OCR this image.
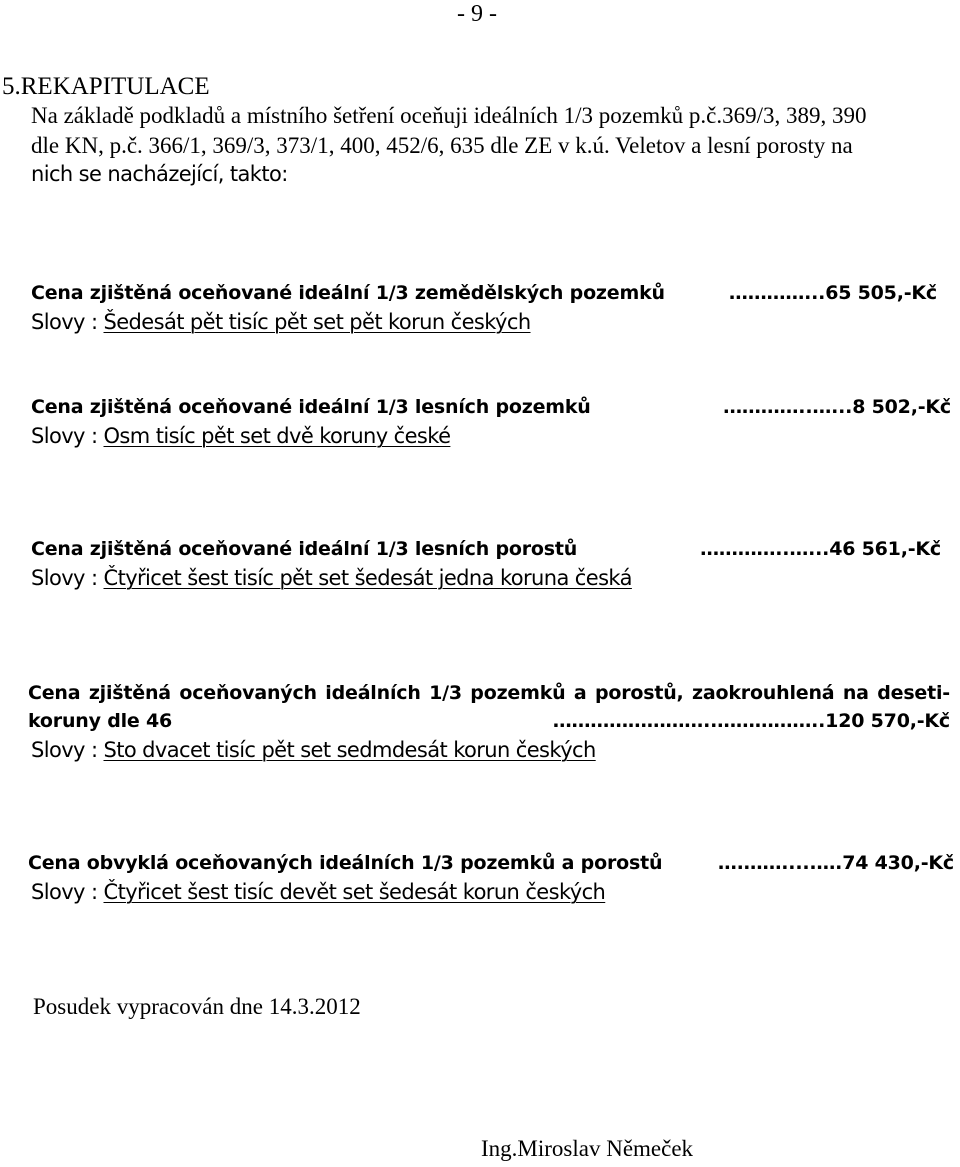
- 9 -
5.REKAPITULACE
Na základě podkladů a místního šetření oceňuji ideálních 1/3 pozemků p.č.369/3, 389, 390
dle KN, p.č. 366/1, 369/3, 373/1, 400, 452/6, 635 dle ZE v k.ú. Veletov a lesní porosty na
nich se nacházející, takto:
Cena zjištěná oceňované ideální 1/3 zemědělských pozemků	…………...65 505,-Kč
Slovy : Šedesát pět tisíc pět set pět korun českých
Cena zjištěná oceňované ideální 1/3 lesních pozemků	…………..…...8 502,-Kč
Slovy : Osm tisíc pět set dvě koruny české
Cena zjištěná oceňované ideální 1/3 lesních porostů	…………..…...46 561,-Kč
Slovy : Čtyřicet šest tisíc pět set šedesát jedna koruna česká
Cena zjištěná oceňovaných ideálních 1/3 pozemků a porostů, zaokrouhlená na deseti-
koruny dle 46	……………………..……………..120 570,-Kč
Slovy : Sto dvacet tisíc pět set sedmdesát korun českých
Cena obvyklá oceňovaných ideálních 1/3 pozemků a porostů	….…….....….74 430,-Kč
Slovy : Čtyřicet šest tisíc devět set šedesát korun českých
Posudek vypracován dne 14.3.2012
Ing.Miroslav Němeček
